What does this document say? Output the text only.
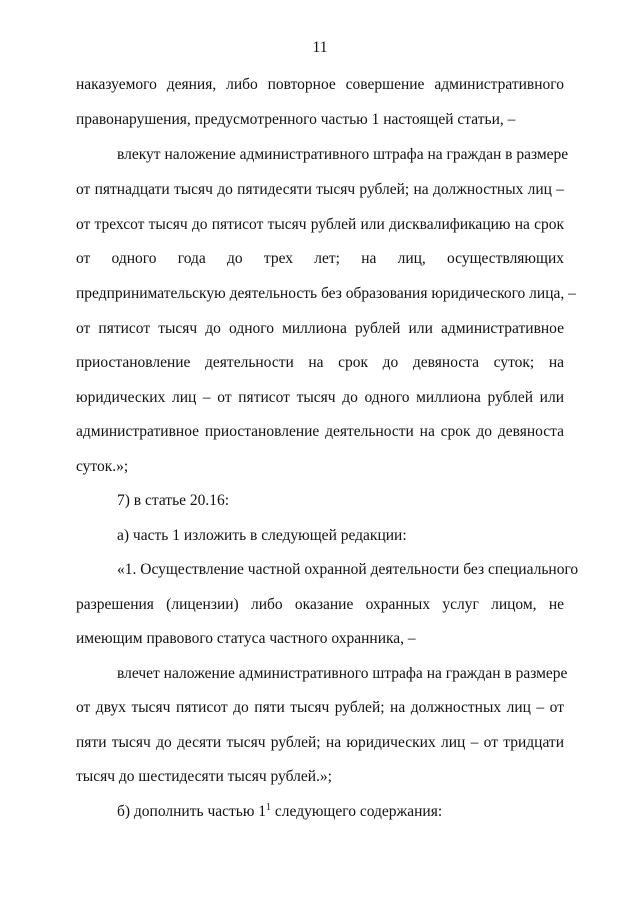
11
наказуемого деяния, либо повторное совершение административного
правонарушения, предусмотренного частью 1 настоящей статьи, –
влекут наложение административного штрафа на граждан в размере
от пятнадцати тысяч до пятидесяти тысяч рублей; на должностных лиц –
от трехсот тысяч до пятисот тысяч рублей или дисквалификацию на срок
от одного года до трех лет; на лиц, осуществляющих
предпринимательскую деятельность без образования юридического лица, –
от пятисот тысяч до одного миллиона рублей или административное
приостановление деятельности на срок до девяноста суток; на
юридических лиц – от пятисот тысяч до одного миллиона рублей или
административное приостановление деятельности на срок до девяноста
суток.»;
7) в статье 20.16:
а) часть 1 изложить в следующей редакции:
«1. Осуществление частной охранной деятельности без специального
разрешения (лицензии) либо оказание охранных услуг лицом, не
имеющим правового статуса частного охранника, –
влечет наложение административного штрафа на граждан в размере
от двух тысяч пятисот до пяти тысяч рублей; на должностных лиц – от
пяти тысяч до десяти тысяч рублей; на юридических лиц – от тридцати
тысяч до шестидесяти тысяч рублей.»;
б) дополнить частью $1^1$ следующего содержания:
